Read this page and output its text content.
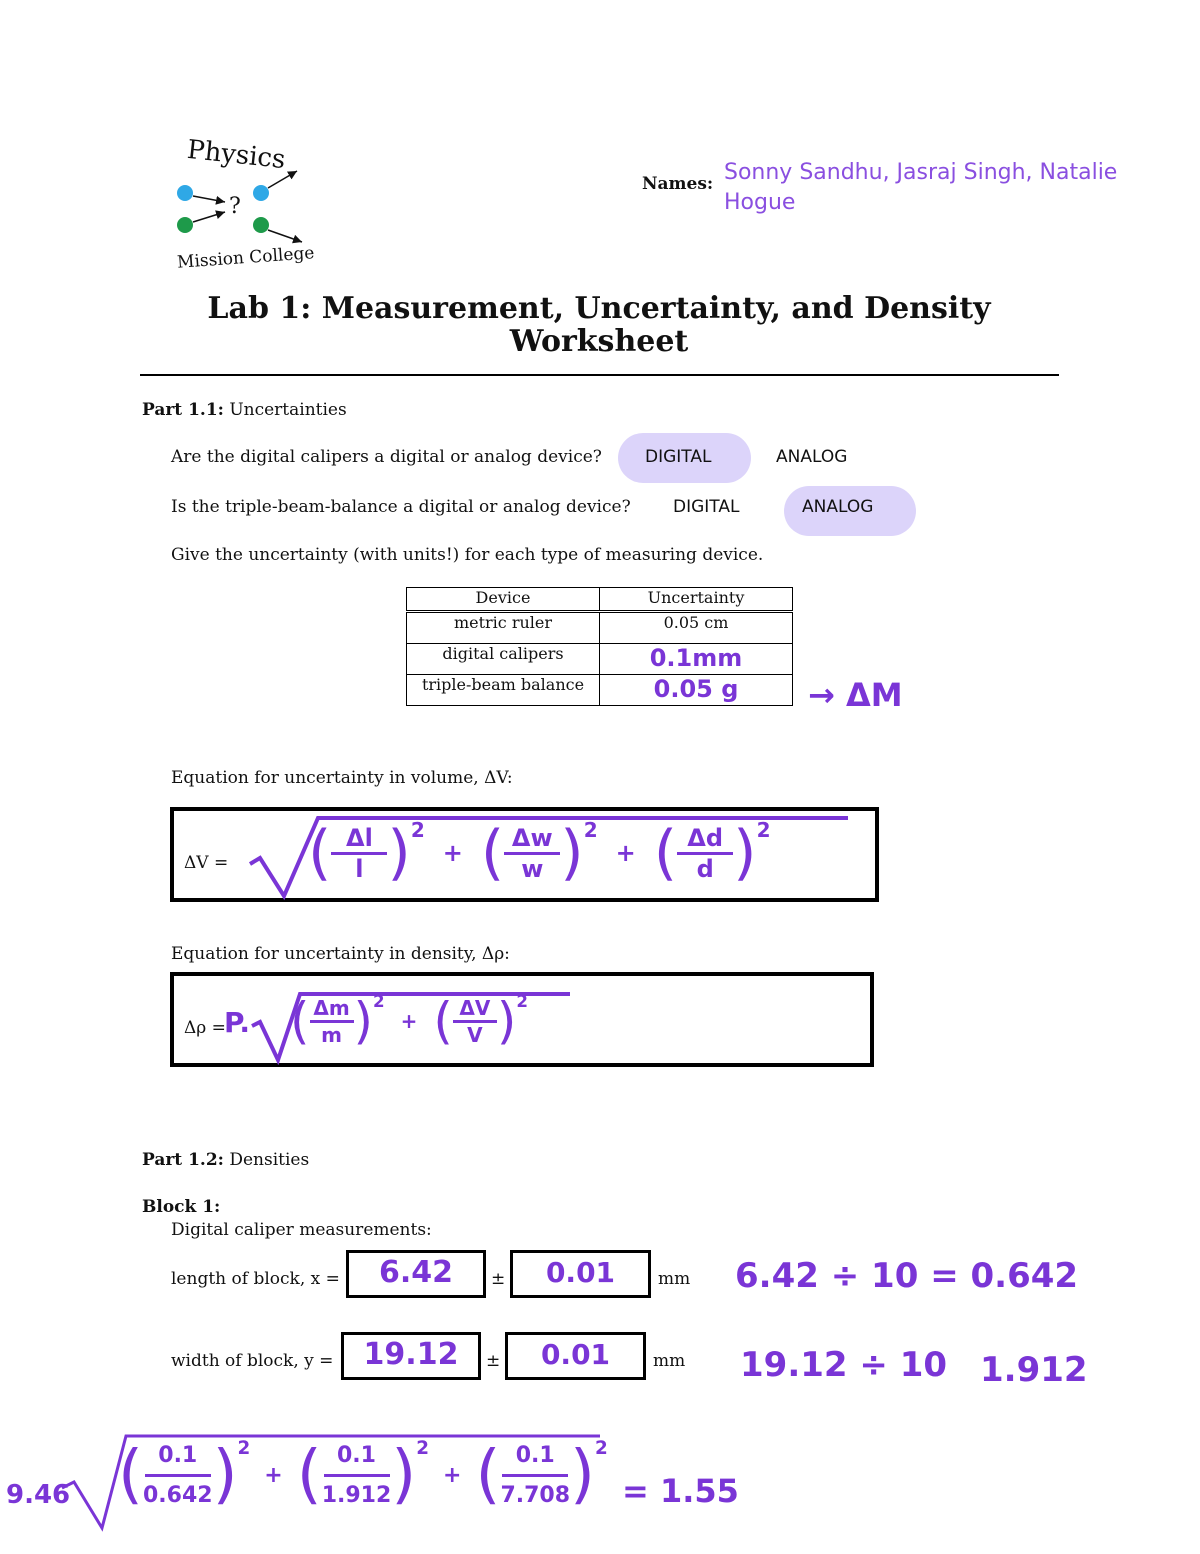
Physics
?
Mission College
Names: Sonny Sandhu, Jasraj Singh, Natalie
Hogue
Lab 1: Measurement, Uncertainty, and Density
Worksheet
Part 1.1: Uncertainties
Are the digital calipers a digital or analog device?	DIGITAL	ANALOG
Is the triple-beam-balance a digital or analog device? DIGITAL	ANALOG
Give the uncertainty (with units!) for each type of measuring device.
Device	Uncertainty
metric ruler	0.05 cm
digital calipers	0.1mm
triple-beam balance	0.05 g → ΔM
Equation for uncertainty in volume, ΔV:
ΔV = ( Δl
l )$^2$
+ ( Δw
w )$^2$
+ ( Δd
d )$^2$
Equation for uncertainty in density, Δρ:
Δρ =
P. ( Δm
m )$^2$
+ ( ΔV
V )$^2$
Part 1.2: Densities
Block 1:
Digital caliper measurements:
length of block, x =	6.42	±	0.01	mm 6.42 ÷ 10 = 0.642
width of block, y =	19.12	±	0.01	mm 19.12 ÷ 10 1.912
9.46 ( 0.1
0.642 )$^2$
+ ( 0.1
1.912 )$^2$
+ ( 0.1
7.708 )$^2$
= 1.55
